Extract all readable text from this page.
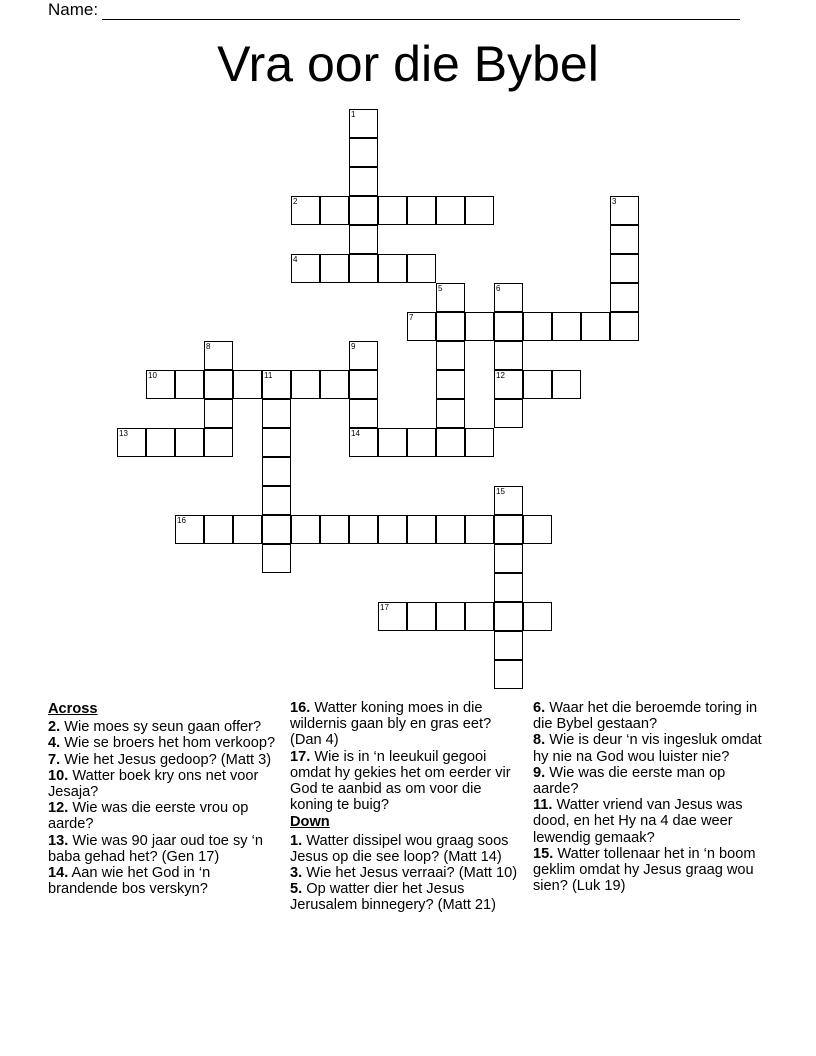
Name:
Vra oor die Bybel
1
2	3
4
5	6
12
7
8	9
14
10	11
13
15
16
17
Across
2. Wie moes sy seun gaan offer?
4. Wie se broers het hom verkoop?
7. Wie het Jesus gedoop? (Matt 3)
10. Watter boek kry ons net voor Jesaja?
12. Wie was die eerste vrou op aarde?
13. Wie was 90 jaar oud toe sy ‘n baba gehad het? (Gen 17)
14. Aan wie het God in ‘n brandende bos verskyn?
16. Watter koning moes in die wildernis gaan bly en gras eet? (Dan 4)
17. Wie is in ‘n leeukuil gegooi omdat hy gekies het om eerder vir God te aanbid as om voor die koning te buig?
Down
1. Watter dissipel wou graag soos Jesus op die see loop? (Matt 14)
3. Wie het Jesus verraai? (Matt 10)
5. Op watter dier het Jesus Jerusalem binnegery? (Matt 21)
6. Waar het die beroemde toring in die Bybel gestaan?
8. Wie is deur ‘n vis ingesluk omdat hy nie na God wou luister nie?
9. Wie was die eerste man op aarde?
11. Watter vriend van Jesus was dood, en het Hy na 4 dae weer lewendig gemaak?
15. Watter tollenaar het in ‘n boom geklim omdat hy Jesus graag wou sien? (Luk 19)
